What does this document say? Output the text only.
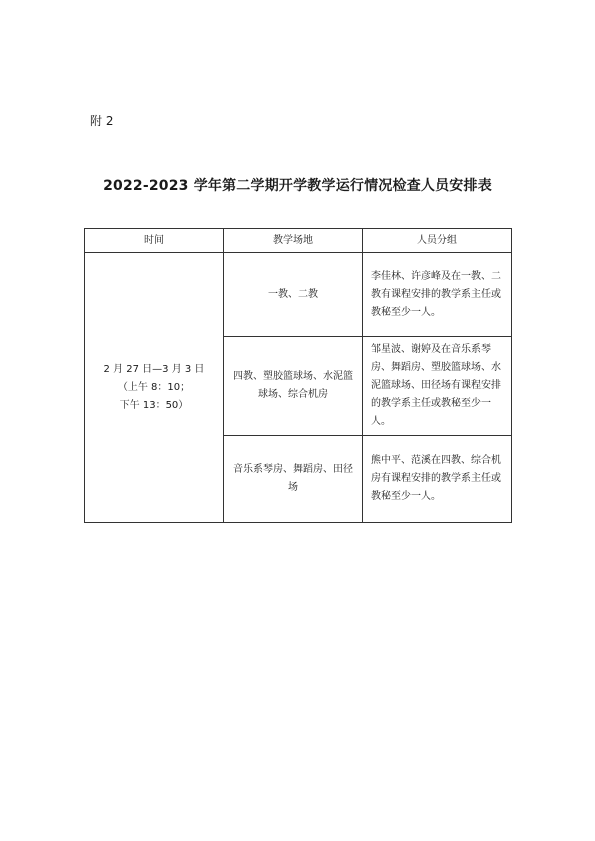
附 2
2022-2023 学年第二学期开学教学运行情况检查人员安排表
时间	教学场地	人员分组

2 月 27 日—3 月 3 日
（上午 8：10；
下午 13：50）	一教、二教	李佳林、许彦峰及在一教、二教有课程安排的教学系主任或教秘至少一人。
	四教、塑胶篮球场、水泥篮球场、综合机房	邹星波、谢婷及在音乐系琴房、舞蹈房、塑胶篮球场、水泥篮球场、田径场有课程安排的教学系主任或教秘至少一人。
	音乐系琴房、舞蹈房、田径场	熊中平、范溪在四教、综合机房有课程安排的教学系主任或教秘至少一人。
